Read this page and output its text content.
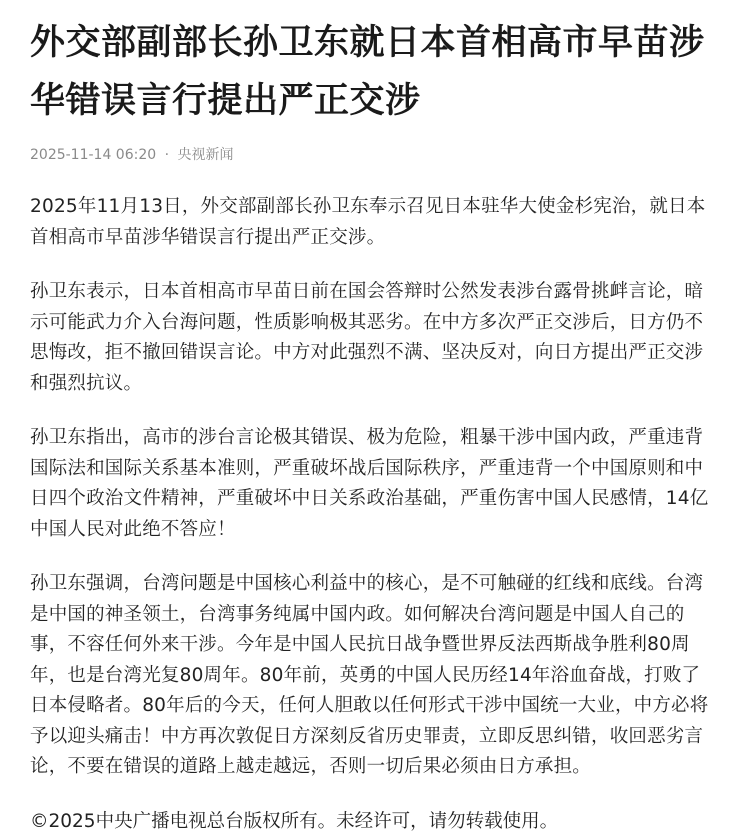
外交部副部长孙卫东就日本首相高市早苗涉华错误言行提出严正交涉
2025-11-14 06:20 · 央视新闻

2025年11月13日，外交部副部长孙卫东奉示召见日本驻华大使金杉宪治，就日本首相高市早苗涉华错误言行提出严正交涉。

孙卫东表示，日本首相高市早苗日前在国会答辩时公然发表涉台露骨挑衅言论，暗示可能武力介入台海问题，性质影响极其恶劣。在中方多次严正交涉后，日方仍不思悔改，拒不撤回错误言论。中方对此强烈不满、坚决反对，向日方提出严正交涉和强烈抗议。

孙卫东指出，高市的涉台言论极其错误、极为危险，粗暴干涉中国内政，严重违背国际法和国际关系基本准则，严重破坏战后国际秩序，严重违背一个中国原则和中日四个政治文件精神，严重破坏中日关系政治基础，严重伤害中国人民感情，14亿中国人民对此绝不答应！

孙卫东强调，台湾问题是中国核心利益中的核心，是不可触碰的红线和底线。台湾是中国的神圣领土，台湾事务纯属中国内政。如何解决台湾问题是中国人自己的事，不容任何外来干涉。今年是中国人民抗日战争暨世界反法西斯战争胜利80周年，也是台湾光复80周年。80年前，英勇的中国人民历经14年浴血奋战，打败了日本侵略者。80年后的今天，任何人胆敢以任何形式干涉中国统一大业，中方必将予以迎头痛击！中方再次敦促日方深刻反省历史罪责，立即反思纠错，收回恶劣言论，不要在错误的道路上越走越远，否则一切后果必须由日方承担。

©2025中央广播电视总台版权所有。未经许可，请勿转载使用。
